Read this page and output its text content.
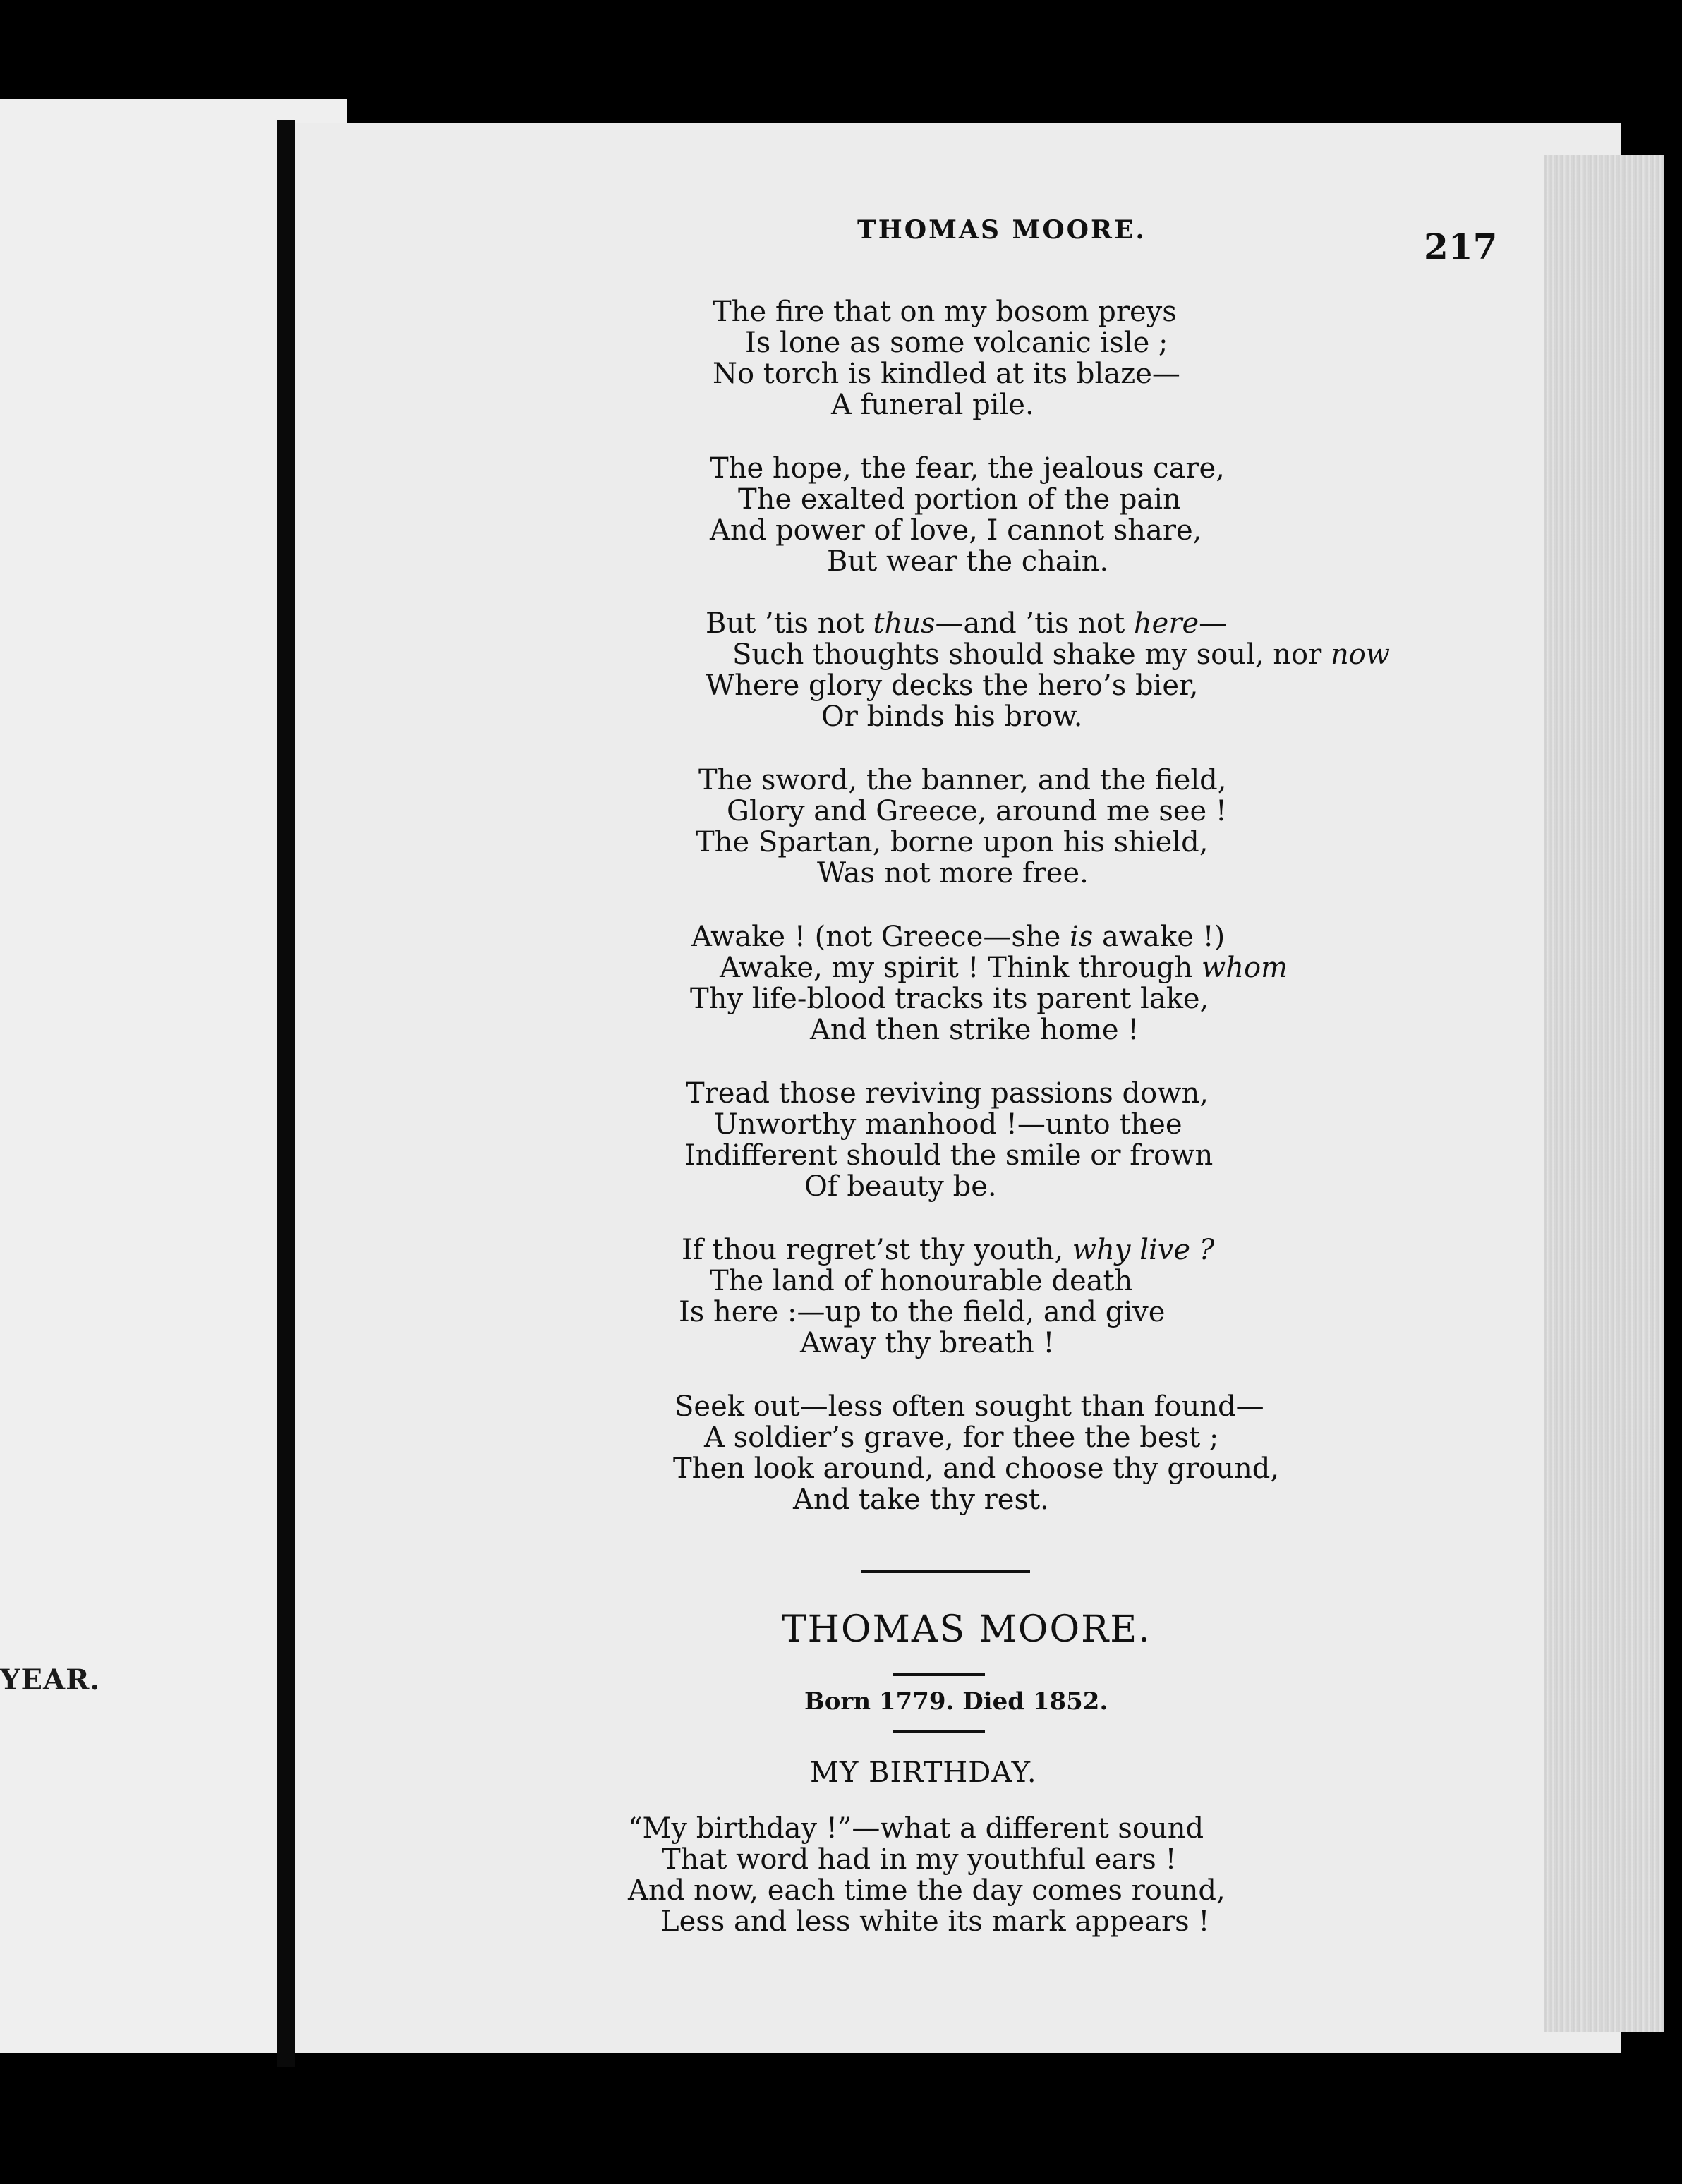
YEAR.
THOMAS MOORE.	217
The fire that on my bosom preys
Is lone as some volcanic isle ;
No torch is kindled at its blaze—
A funeral pile.
The hope, the fear, the jealous care,
The exalted portion of the pain
And power of love, I cannot share,
But wear the chain.
But ’tis not thus—and ’tis not here—
Such thoughts should shake my soul, nor now
Where glory decks the hero’s bier,
Or binds his brow.
The sword, the banner, and the field,
Glory and Greece, around me see !
The Spartan, borne upon his shield,
Was not more free.
Awake ! (not Greece—she is awake !)
Awake, my spirit ! Think through whom
Thy life-blood tracks its parent lake,
And then strike home !
Tread those reviving passions down,
Unworthy manhood !—unto thee
Indifferent should the smile or frown
Of beauty be.
If thou regret’st thy youth, why live ?
The land of honourable death
Is here :—up to the field, and give
Away thy breath !
Seek out—less often sought than found—
A soldier’s grave, for thee the best ;
Then look around, and choose thy ground,
And take thy rest.
THOMAS MOORE.
Born 1779. Died 1852.
MY BIRTHDAY.
“My birthday !”—what a different sound
That word had in my youthful ears !
And now, each time the day comes round,
Less and less white its mark appears !
